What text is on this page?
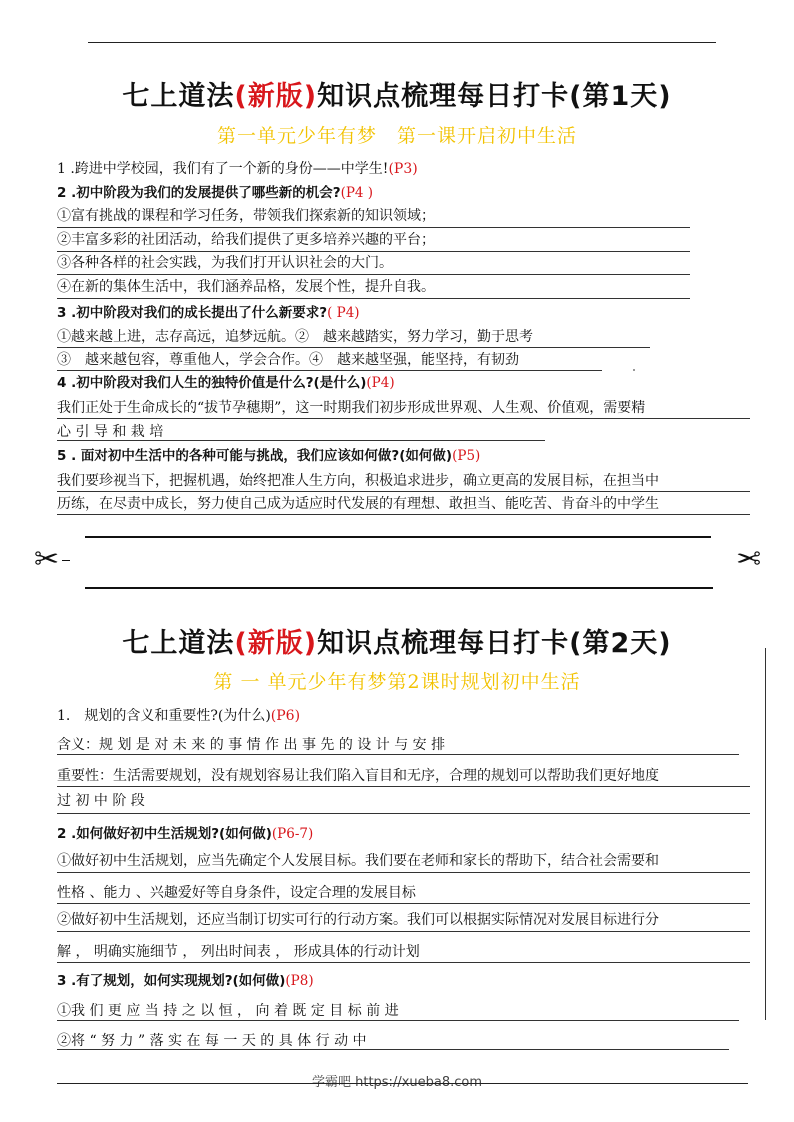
七上道法(新版)知识点梳理每日打卡(第1天)
第一单元少年有梦　第一课开启初中生活
1 .跨进中学校园，我们有了一个新的身份——中学生!(P3)
2 .初中阶段为我们的发展提供了哪些新的机会?(P4 )
①富有挑战的课程和学习任务，带领我们探索新的知识领域；
②丰富多彩的社团活动，给我们提供了更多培养兴趣的平台；
③各种各样的社会实践，为我们打开认识社会的大门。
④在新的集体生活中，我们涵养品格，发展个性，提升自我。
3 .初中阶段对我们的成长提出了什么新要求?( P4)
①越来越上进，志存高远，追梦远航。②　越来越踏实，努力学习，勤于思考
③　越来越包容，尊重他人，学会合作。④　越来越坚强，能坚持，有韧劲
4 .初中阶段对我们人生的独特价值是什么?(是什么)(P4)
我们正处于生命成长的“拔节孕穗期”，这一时期我们初步形成世界观、人生观、价值观，需要精
心 引 导 和 栽 培
5 . 面对初中生活中的各种可能与挑战，我们应该如何做?(如何做)(P5)
我们要珍视当下，把握机遇，始终把准人生方向，积极追求进步，确立更高的发展目标，在担当中
历练，在尽责中成长，努力使自己成为适应时代发展的有理想、敢担当、能吃苦、肯奋斗的中学生
✂	✂
七上道法(新版)知识点梳理每日打卡(第2天)
第 一 单元少年有梦第2课时规划初中生活
1.　规划的含义和重要性?(为什么)(P6)
含义：规 划 是 对 未 来 的 事 情 作 出 事 先 的 设 计 与 安 排
重要性：生活需要规划，没有规划容易让我们陷入盲目和无序，合理的规划可以帮助我们更好地度
过 初 中 阶 段
2 .如何做好初中生活规划?(如何做)(P6-7)
①做好初中生活规划，应当先确定个人发展目标。我们要在老师和家长的帮助下，结合社会需要和
性格 、能力 、兴趣爱好等自身条件，设定合理的发展目标
②做好初中生活规划，还应当制订切实可行的行动方案。我们可以根据实际情况对发展目标进行分
解 ， 明确实施细节 ， 列出时间表 ， 形成具体的行动计划
3 .有了规划，如何实现规划?(如何做)(P8)
①我 们 更 应 当 持 之 以 恒 ， 向 着 既 定 目 标 前 进
②将 “ 努 力 ” 落 实 在 每 一 天 的 具 体 行 动 中
学霸吧 https://xueba8.com
